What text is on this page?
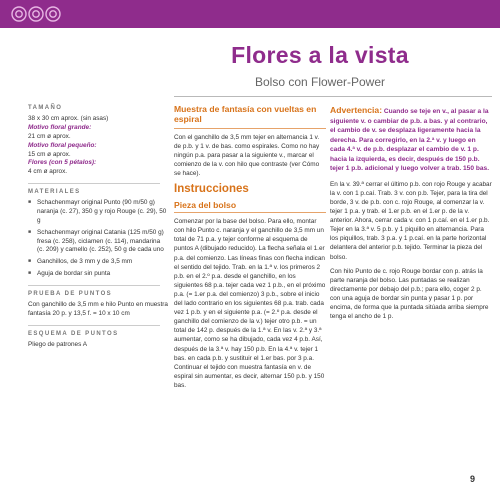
Flores a la vista
Bolso con Flower-Power
TAMAÑO

38 x 30 cm aprox. (sin asas)

Motivo floral grande:

21 cm ø aprox.

Motivo floral pequeño:

15 cm ø aprox.

Flores (con 5 pétalos):

4 cm ø aprox.

MATERIALES
■ Schachenmayr original Punto (90 m/50 g) naranja (c. 27), 350 g y rojo Rouge (c. 29), 50 g
■ Schachenmayr original Catania (125 m/50 g) fresa (c. 258), ciclamen (c. 114), mandarina (c. 209) y camello (c. 252), 50 g de cada uno
■ Ganchillos, de 3 mm y de 3,5 mm
■ Aguja de bordar sin punta
PRUEBA DE PUNTOS

Con ganchillo de 3,5 mm e hilo Punto en muestra fantasía 20 p. y 13,5 f. = 10 x 10 cm

ESQUEMA DE PUNTOS

Pliego de patrones A

Muestra de fantasía con vueltas en espiral

Con el ganchillo de 3,5 mm tejer en alternancia 1 v. de p.b. y 1 v. de bas. como espirales. Como no hay ningún p.a. para pasar a la siguiente v., marcar el comienzo de la v. con hilo que contraste (ver Cómo se hace).

Instrucciones
Pieza del bolso

Comenzar por la base del bolso. Para ello, montar con hilo Punto c. naranja y el ganchillo de 3,5 mm un total de 71 p.a. y tejer conforme al esquema de puntos A (dibujado reducido). La flecha señala el 1.er p.a. del comienzo. Las líneas finas con flecha indican el sentido del tejido. Trab. en la 1.ª v. los primeros 2 p.b. en el 2.º p.a. desde el ganchillo, en los siguientes 68 p.a. tejer cada vez 1 p.b., en el próximo p.a. (= 1.er p.a. del comienzo) 3 p.b., sobre el inicio del lado contrario en los siguientes 68 p.a. trab. cada vez 1 p.b. y en el siguiente p.a. (= 2.º p.a. desde el ganchillo del comienzo de la v.) tejer otro p.b. = un total de 142 p. después de la 1.ª v. En las v. 2.ª y 3.ª aumentar, como se ha dibujado, cada vez 4 p.b. Así, después de la 3.ª v. hay 150 p.b. En la 4.ª v. tejer 1 bas. en cada p.b. y sustituir el 1.er bas. por 3 p.a. Continuar el tejido con muestra fantasía en v. de espiral sin aumentar, es decir, alternar 150 p.b. y 150 bas.

Advertencia: Cuando se teje en v., al pasar a la siguiente v. o cambiar de p.b. a bas. y al contrario, el cambio de v. se desplaza ligeramente hacia la derecha. Para corregirlo, en la 2.ª v. y luego en cada 4.ª v. de p.b. desplazar el cambio de v. 1 p. hacia la izquierda, es decir, después de 150 p.b. tejer 1 p.b. adicional y luego volver a trab. 150 bas.

En la v. 39.ª cerrar el último p.b. con rojo Rouge y acabar la v. con 1 p.caí. Trab. 3 v. con p.b. Tejer, para la tira del borde, 3 v. de p.b. con c. rojo Rouge, al comenzar la v. tejer 1 p.a. y trab. el 1.er p.b. en el 1.er p. de la v. anterior. Ahora, cerrar cada v. con 1 p.caí. en el 1.er p.b. Tejer en la 3.ª v. 5 p.b. y 1 piquillo en alternancia. Para los piquillos, trab. 3 p.a. y 1 p.caí. en la parte horizontal delantera del anterior p.b. tejido. Terminar la pieza del bolso.

Con hilo Punto de c. rojo Rouge bordar con p. atrás la parte naranja del bolso. Las puntadas se realizan directamente por debajo del p.b.; para ello, coger 2 p. con una aguja de bordar sin punta y pasar 1 p. por encima, de forma que la puntada sitúada arriba siempre tenga el ancho de 1 p.

9
